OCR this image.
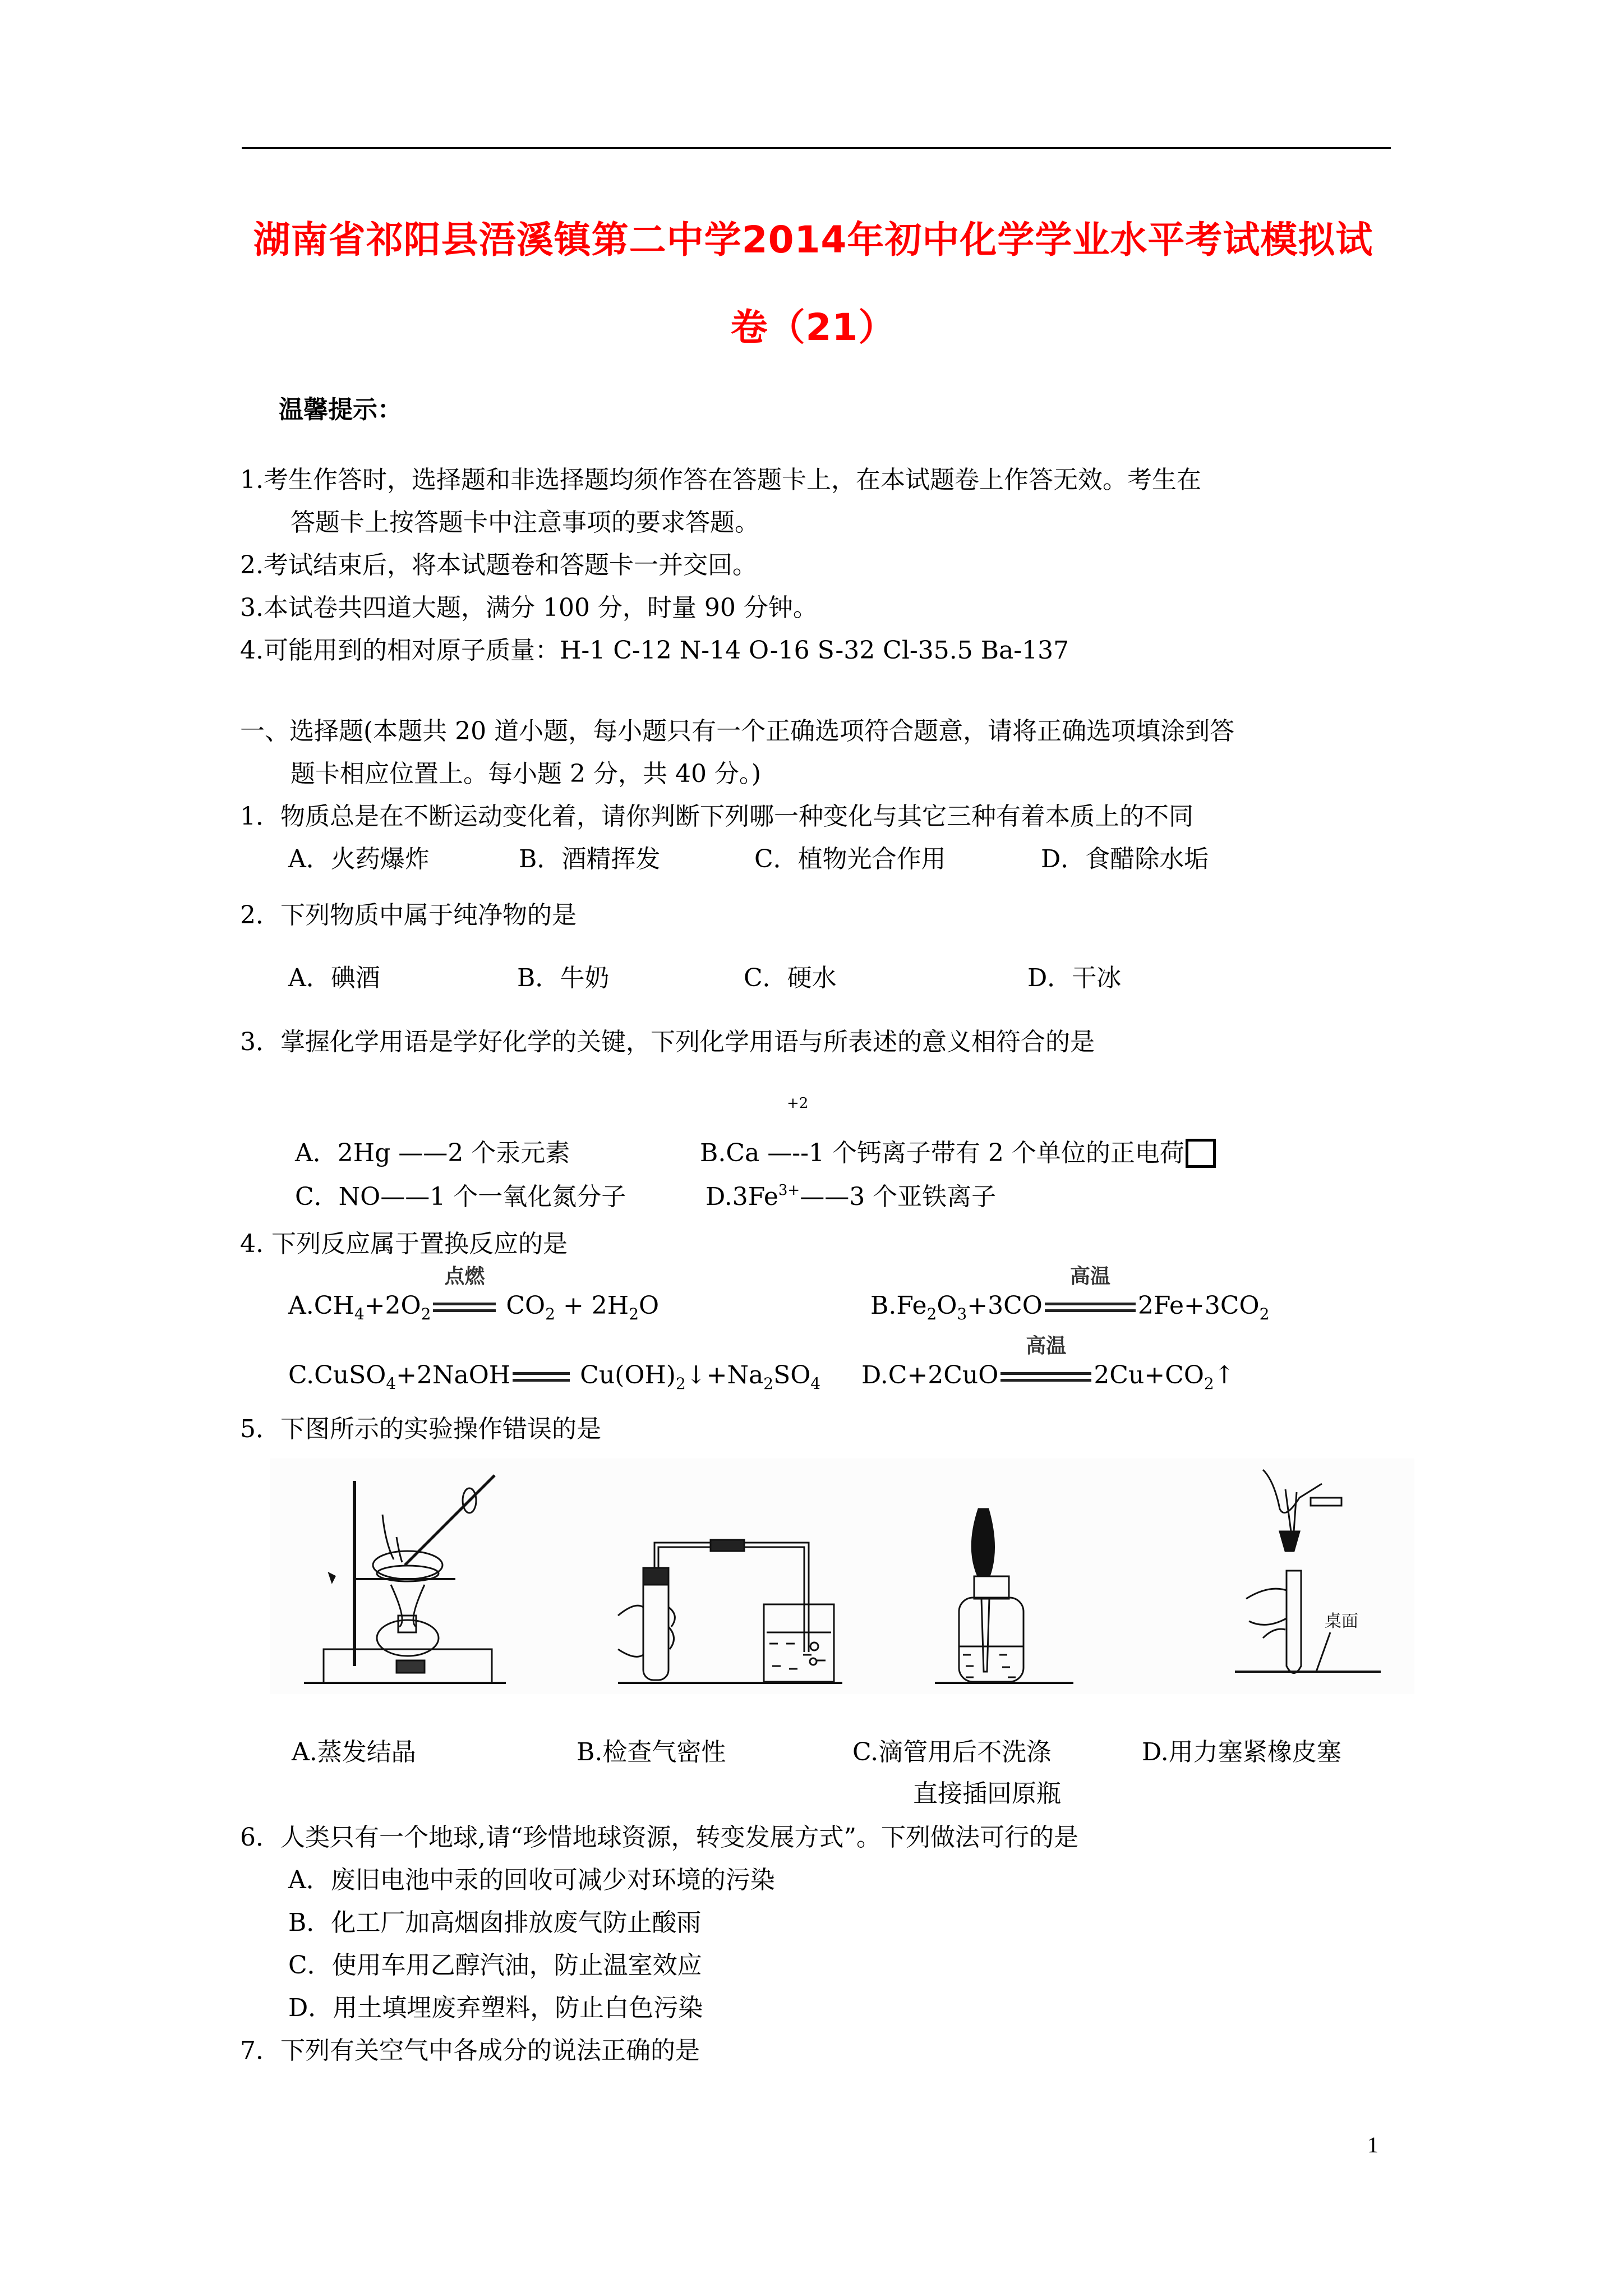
湖南省祁阳县浯溪镇第二中学2014年初中化学学业水平考试模拟试
卷（21）
温馨提示：
1.考生作答时，选择题和非选择题均须作答在答题卡上，在本试题卷上作答无效。考生在
答题卡上按答题卡中注意事项的要求答题。
2.考试结束后，将本试题卷和答题卡一并交回。
3.本试卷共四道大题，满分 100 分，时量 90 分钟。
4.可能用到的相对原子质量：H-1 C-12 N-14 O-16 S-32 Cl-35.5 Ba-137
一、选择题(本题共 20 道小题，每小题只有一个正确选项符合题意，请将正确选项填涂到答
题卡相应位置上。每小题 2 分，共 40 分。)
1．物质总是在不断运动变化着，请你判断下列哪一种变化与其它三种有着本质上的不同
A．火药爆炸	B．酒精挥发	C．植物光合作用	D．食醋除水垢
2．下列物质中属于纯净物的是
A．碘酒	B．牛奶	C．硬水	D．干冰
3．掌握化学用语是学好化学的关键，下列化学用语与所表述的意义相符合的是
+2
A．2Hg ——2 个汞元素	B.Ca —--1 个钙离子带有 2 个单位的正电荷
C．NO——1 个一氧化氮分子	$D.3Fe^{3+}——3$ 个亚铁离子
4. 下列反应属于置换反应的是
$A.CH_4+2O_2$
点燃
$CO_2 + 2H_2O$	$B.Fe_2O_3+3CO$
高温
$2Fe+3CO_2$
C.CuSO$_4$+2NaOH	$Cu(OH)_2↓+Na_2SO_4$ D.C+2CuO
高温
$2Cu+CO_2↑$
5．下图所示的实验操作错误的是
桌面
A.蒸发结晶	B.检查气密性	C.滴管用后不洗涤
直接插回原瓶
D.用力塞紧橡皮塞
6．人类只有一个地球,请“珍惜地球资源，转变发展方式”。下列做法可行的是
A．废旧电池中汞的回收可减少对环境的污染
B．化工厂加高烟囱排放废气防止酸雨
C．使用车用乙醇汽油，防止温室效应
D．用土填埋废弃塑料，防止白色污染
7．下列有关空气中各成分的说法正确的是
1
